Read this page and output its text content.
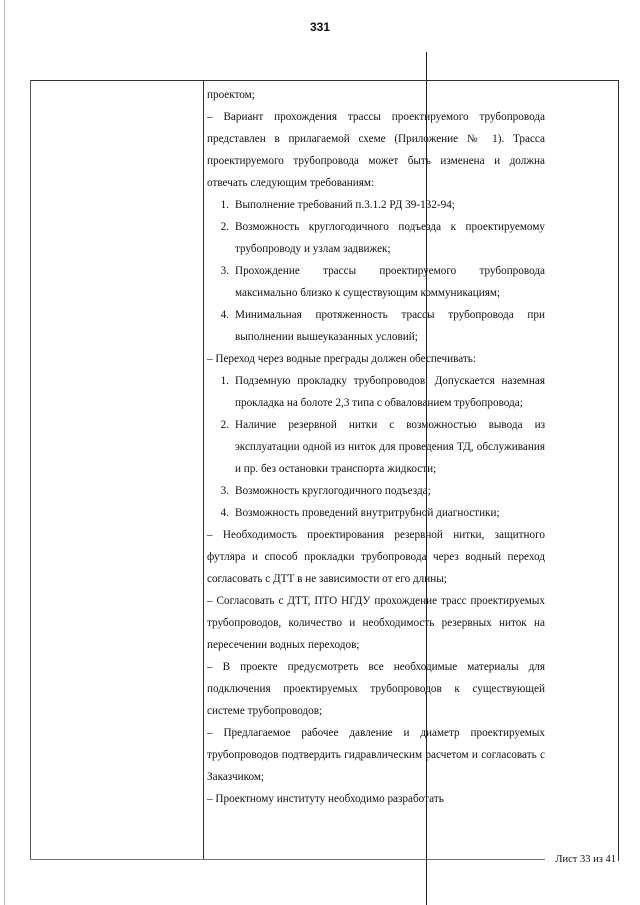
331

проектом;

– Вариант прохождения трассы проектируемого трубопровода представлен в прилагаемой схеме (Приложение № 1). Трасса проектируемого трубопровода может быть изменена и должна отвечать следующим требованиям:

1. Выполнение требований п.3.1.2 РД 39-132-94;
2. Возможность круглогодичного подъезда к проектируемому трубопроводу и узлам задвижек;
3. Прохождение трассы проектируемого трубопровода максимально близко к существующим коммуникациям;
4. Минимальная протяженность трассы трубопровода при выполнении вышеуказанных условий;

– Переход через водные преграды должен обеспечивать:

1. Подземную прокладку трубопроводов. Допускается наземная прокладка на болоте 2,3 типа с обвалованием трубопровода;
2. Наличие резервной нитки с возможностью вывода из эксплуатации одной из ниток для проведения ТД, обслуживания и пр. без остановки транспорта жидкости;
3. Возможность круглогодичного подъезда;
4. Возможность проведений внутритрубной диагностики;

– Необходимость проектирования резервной нитки, защитного футляра и способ прокладки трубопровода через водный переход согласовать с ДТТ в не зависимости от его длины;

– Согласовать с ДТТ, ПТО НГДУ прохождение трасс проектируемых трубопроводов, количество и необходимость резервных ниток на пересечении водных переходов;

– В проекте предусмотреть все необходимые материалы для подключения проектируемых трубопроводов к существующей системе трубопроводов;

– Предлагаемое рабочее давление и диаметр проектируемых трубопроводов подтвердить гидравлическим расчетом и согласовать с Заказчиком;

– Проектному институту необходимо разработать

Лист 33 из 41
